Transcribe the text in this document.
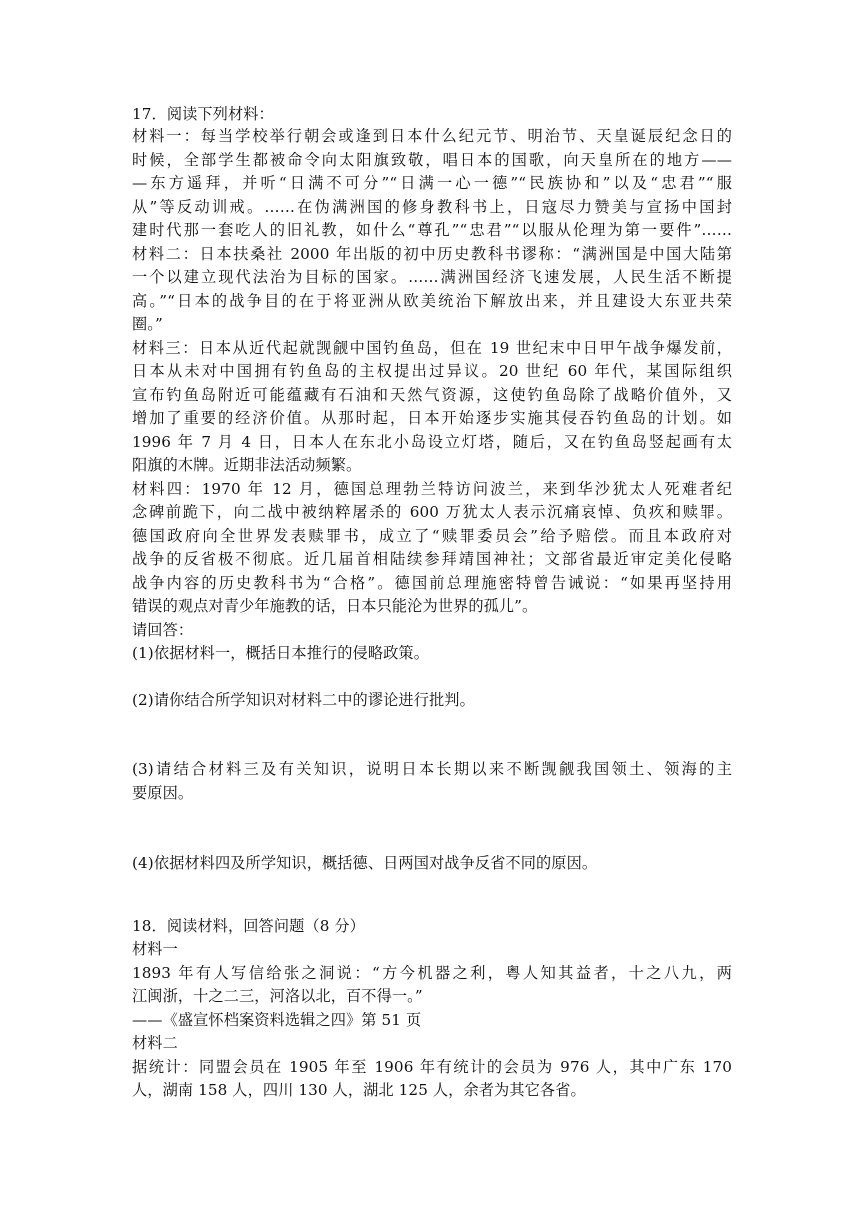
17．阅读下列材料：
材料一：每当学校举行朝会或逢到日本什么纪元节、明治节、天皇诞辰纪念日的
时候，全部学生都被命令向太阳旗致敬，唱日本的国歌，向天皇所在的地方——
—东方遥拜，并听“日满不可分”“日满一心一德”“民族协和”以及“忠君”“服
从”等反动训戒。……在伪满洲国的修身教科书上，日寇尽力赞美与宣扬中国封
建时代那一套吃人的旧礼教，如什么“尊孔”“忠君”“以服从伦理为第一要件”……
材料二：日本扶桑社 2000 年出版的初中历史教科书谬称：“满洲国是中国大陆第
一个以建立现代法治为目标的国家。……满洲国经济飞速发展，人民生活不断提
高。”“日本的战争目的在于将亚洲从欧美统治下解放出来，并且建设大东亚共荣
圈。”
材料三：日本从近代起就觊觎中国钓鱼岛，但在 19 世纪末中日甲午战争爆发前，
日本从未对中国拥有钓鱼岛的主权提出过异议。20 世纪 60 年代，某国际组织
宣布钓鱼岛附近可能蕴藏有石油和天然气资源，这使钓鱼岛除了战略价值外，又
增加了重要的经济价值。从那时起，日本开始逐步实施其侵吞钓鱼岛的计划。如
1996 年 7 月 4 日，日本人在东北小岛设立灯塔，随后，又在钓鱼岛竖起画有太
阳旗的木牌。近期非法活动频繁。
材料四：1970 年 12 月，德国总理勃兰特访问波兰，来到华沙犹太人死难者纪
念碑前跪下，向二战中被纳粹屠杀的 600 万犹太人表示沉痛哀悼、负疚和赎罪。
德国政府向全世界发表赎罪书，成立了“赎罪委员会”给予赔偿。而且本政府对
战争的反省极不彻底。近几届首相陆续参拜靖国神社；文部省最近审定美化侵略
战争内容的历史教科书为“合格”。德国前总理施密特曾告诫说：“如果再坚持用
错误的观点对青少年施教的话，日本只能沦为世界的孤儿”。
请回答：
(1)依据材料一，概括日本推行的侵略政策。
(2)请你结合所学知识对材料二中的谬论进行批判。
(3)请结合材料三及有关知识，说明日本长期以来不断觊觎我国领土、领海的主
要原因。
(4)依据材料四及所学知识，概括德、日两国对战争反省不同的原因。
18．阅读材料，回答问题（8 分）
材料一
1893 年有人写信给张之洞说：“方今机器之利，粤人知其益者，十之八九，两
江闽浙，十之二三，河洛以北，百不得一。”
——《盛宣怀档案资料选辑之四》第 51 页
材料二
据统计：同盟会员在 1905 年至 1906 年有统计的会员为 976 人，其中广东 170
人，湖南 158 人，四川 130 人，湖北 125 人，余者为其它各省。
